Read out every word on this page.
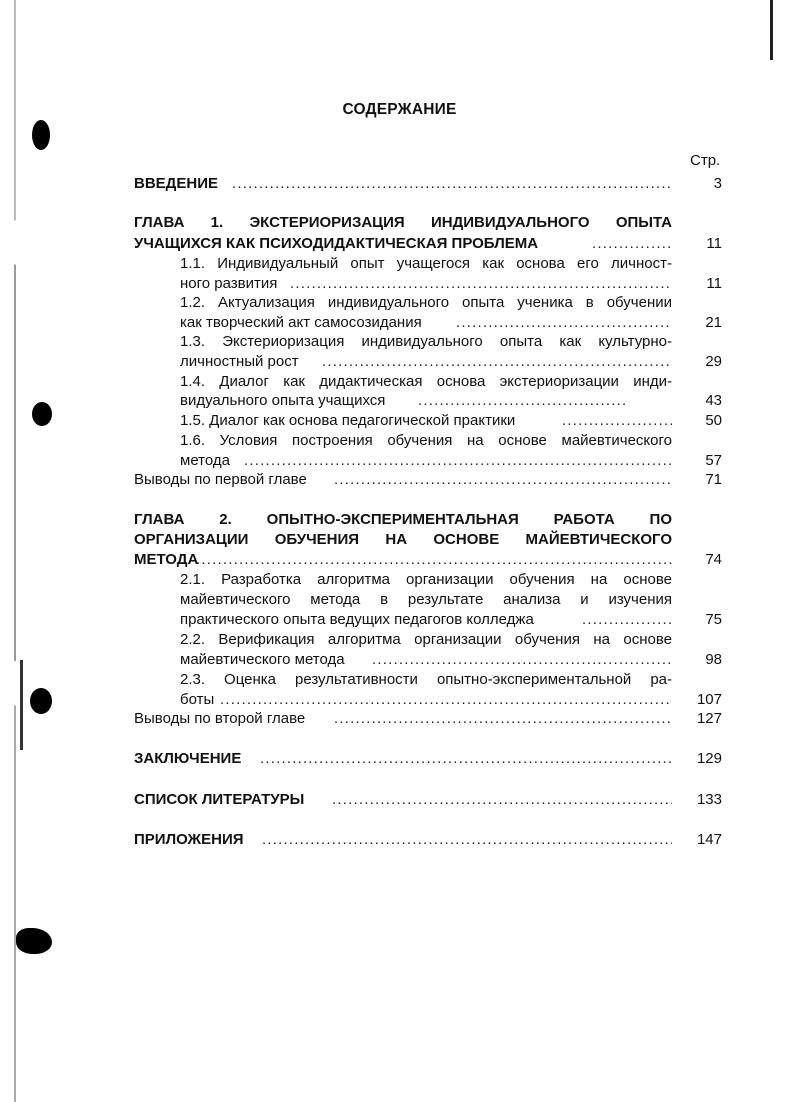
СОДЕРЖАНИЕ
Стр.
ВВЕДЕНИЕ .....	3
ГЛАВА 1. ЭКСТЕРИОРИЗАЦИЯ ИНДИВИДУАЛЬНОГО ОПЫТА
УЧАЩИХСЯ КАК ПСИХОДИДАКТИЧЕСКАЯ ПРОБЛЕМА .....	11
1.1. Индивидуальный опыт учащегося как основа его личност-
ного развития .....	11
1.2. Актуализация индивидуального опыта ученика в обучении
как творческий акт самосозидания .....	21
1.3. Экстериоризация индивидуального опыта как культурно-
личностный рост .....	29
1.4. Диалог как дидактическая основа экстериоризации инди-
видуального опыта учащихся .....	43
1.5. Диалог как основа педагогической практики .....	50
1.6. Условия построения обучения на основе майевтического
метода .....	57
Выводы по первой главе .....	71
ГЛАВА 2. ОПЫТНО-ЭКСПЕРИМЕНТАЛЬНАЯ РАБОТА ПО
ОРГАНИЗАЦИИ ОБУЧЕНИЯ НА ОСНОВЕ МАЙЕВТИЧЕСКОГО
МЕТОДА .....	74
2.1. Разработка алгоритма организации обучения на основе
майевтического метода в результате анализа и изучения
практического опыта ведущих педагогов колледжа .....	75
2.2. Верификация алгоритма организации обучения на основе
майевтического метода .....	98
2.3. Оценка результативности опытно-экспериментальной ра-
боты .....	107
Выводы по второй главе .....	127
ЗАКЛЮЧЕНИЕ .....	129
СПИСОК ЛИТЕРАТУРЫ .....	133
ПРИЛОЖЕНИЯ .....	147
